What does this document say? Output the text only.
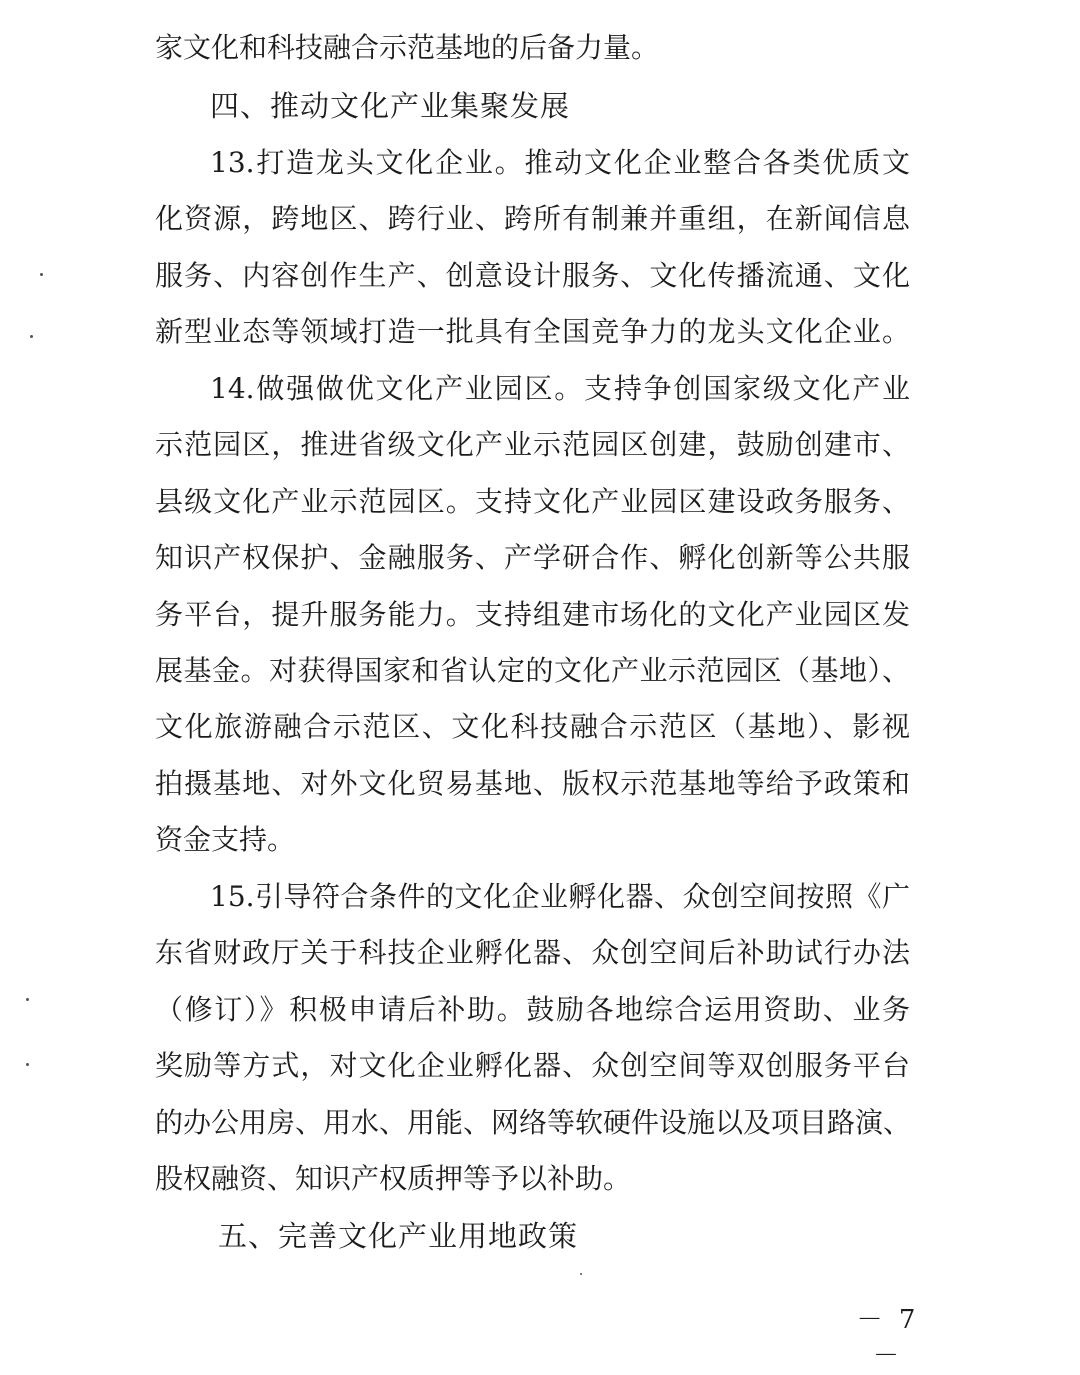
家文化和科技融合示范基地的后备力量。
四、推动文化产业集聚发展
13.打造龙头文化企业。推动文化企业整合各类优质文
化资源，跨地区、跨行业、跨所有制兼并重组，在新闻信息
服务、内容创作生产、创意设计服务、文化传播流通、文化
新型业态等领域打造一批具有全国竞争力的龙头文化企业。
14.做强做优文化产业园区。支持争创国家级文化产业
示范园区，推进省级文化产业示范园区创建，鼓励创建市、
县级文化产业示范园区。支持文化产业园区建设政务服务、
知识产权保护、金融服务、产学研合作、孵化创新等公共服
务平台，提升服务能力。支持组建市场化的文化产业园区发
展基金。对获得国家和省认定的文化产业示范园区（基地）、
文化旅游融合示范区、文化科技融合示范区（基地）、影视
拍摄基地、对外文化贸易基地、版权示范基地等给予政策和
资金支持。
15.引导符合条件的文化企业孵化器、众创空间按照《广
东省财政厅关于科技企业孵化器、众创空间后补助试行办法
（修订）》积极申请后补助。鼓励各地综合运用资助、业务
奖励等方式，对文化企业孵化器、众创空间等双创服务平台
的办公用房、用水、用能、网络等软硬件设施以及项目路演、
股权融资、知识产权质押等予以补助。
五、完善文化产业用地政策
－ 7 －
